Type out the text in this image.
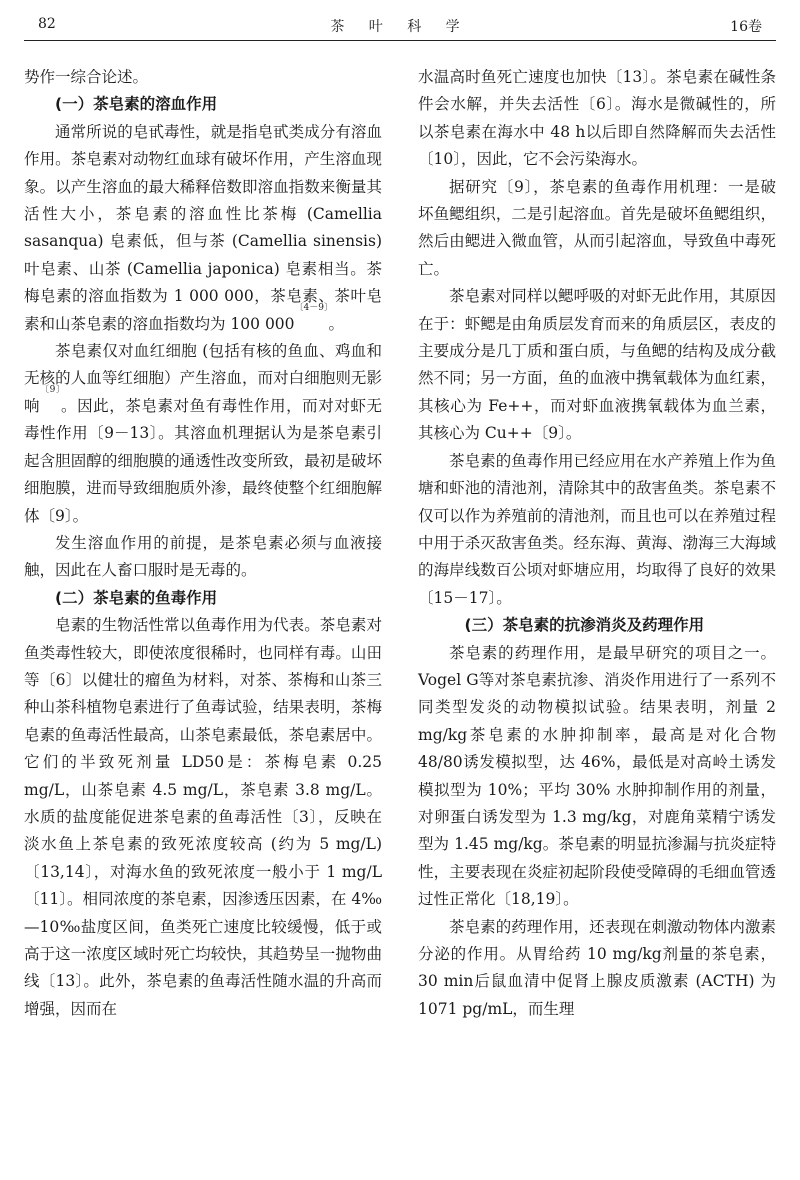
82	茶 叶 科 学	16卷

势作一综合论述。

(一）茶皂素的溶血作用

通常所说的皂甙毒性，就是指皂甙类成分有溶血作用。茶皂素对动物红血球有破坏作用，产生溶血现象。以产生溶血的最大稀释倍数即溶血指数来衡量其活性大小，茶皂素的溶血性比茶梅 (Camellia sasanqua) 皂素低，但与茶 (Camellia sinensis) 叶皂素、山茶 (Camellia japonica) 皂素相当。茶梅皂素的溶血指数为 1 000 000，茶皂素、茶叶皂素和山茶皂素的溶血指数均为 100 $000^{〔4-9〕}$。

茶皂素仅对血红细胞 (包括有核的鱼血、鸡血和无核的人血等红细胞）产生溶血，而对白细胞则无影响$^{〔9〕}$。因此，茶皂素对鱼有毒性作用，而对对虾无毒性作用〔9－13〕。其溶血机理据认为是茶皂素引起含胆固醇的细胞膜的通透性改变所致，最初是破坏细胞膜，进而导致细胞质外渗，最终使整个红细胞解体〔9〕。

发生溶血作用的前提，是茶皂素必须与血液接触，因此在人畜口服时是无毒的。

(二）茶皂素的鱼毒作用

皂素的生物活性常以鱼毒作用为代表。茶皂素对鱼类毒性较大，即使浓度很稀时，也同样有毒。山田等〔6〕以健壮的瘤鱼为材料，对茶、茶梅和山茶三种山茶科植物皂素进行了鱼毒试验，结果表明，茶梅皂素的鱼毒活性最高，山茶皂素最低，茶皂素居中。它们的半致死剂量 LD50是：茶梅皂素 0.25 mg/L，山茶皂素 4.5 mg/L，茶皂素 3.8 mg/L。水质的盐度能促进茶皂素的鱼毒活性〔3〕，反映在淡水鱼上茶皂素的致死浓度较高 (约为 5 mg/L)〔13,14〕，对海水鱼的致死浓度一般小于 1 mg/L〔11〕。相同浓度的茶皂素，因渗透压因素，在 4‰—10‰盐度区间，鱼类死亡速度比较缓慢，低于或高于这一浓度区域时死亡均较快，其趋势呈一抛物曲线〔13〕。此外，茶皂素的鱼毒活性随水温的升高而增强，因而在

水温高时鱼死亡速度也加快〔13〕。茶皂素在碱性条件会水解，并失去活性〔6〕。海水是微碱性的，所以茶皂素在海水中 48 h以后即自然降解而失去活性〔10〕，因此，它不会污染海水。

据研究〔9〕，茶皂素的鱼毒作用机理：一是破坏鱼鳃组织，二是引起溶血。首先是破坏鱼鳃组织，然后由鳃进入微血管，从而引起溶血，导致鱼中毒死亡。

茶皂素对同样以鳃呼吸的对虾无此作用，其原因在于：虾鳃是由角质层发育而来的角质层区，表皮的主要成分是几丁质和蛋白质，与鱼鳃的结构及成分截然不同；另一方面，鱼的血液中携氧载体为血红素，其核心为 Fe++，而对虾血液携氧载体为血兰素，其核心为 Cu++〔9〕。

茶皂素的鱼毒作用已经应用在水产养殖上作为鱼塘和虾池的清池剂，清除其中的敌害鱼类。茶皂素不仅可以作为养殖前的清池剂，而且也可以在养殖过程中用于杀灭敌害鱼类。经东海、黄海、渤海三大海域的海岸线数百公顷对虾塘应用，均取得了良好的效果〔15－17〕。

(三）茶皂素的抗渗消炎及药理作用

茶皂素的药理作用，是最早研究的项目之一。Vogel G等对茶皂素抗渗、消炎作用进行了一系列不同类型发炎的动物模拟试验。结果表明，剂量 2 mg/kg茶皂素的水肿抑制率，最高是对化合物 48/80诱发模拟型，达 46%，最低是对高岭土诱发模拟型为 10%；平均 30% 水肿抑制作用的剂量，对卵蛋白诱发型为 1.3 mg/kg，对鹿角菜精宁诱发型为 1.45 mg/kg。茶皂素的明显抗渗漏与抗炎症特性，主要表现在炎症初起阶段使受障碍的毛细血管透过性正常化〔18,19〕。

茶皂素的药理作用，还表现在刺激动物体内激素分泌的作用。从胃给药 10 mg/kg剂量的茶皂素，30 min后鼠血清中促肾上腺皮质激素 (ACTH) 为 1071 pg/mL，而生理
